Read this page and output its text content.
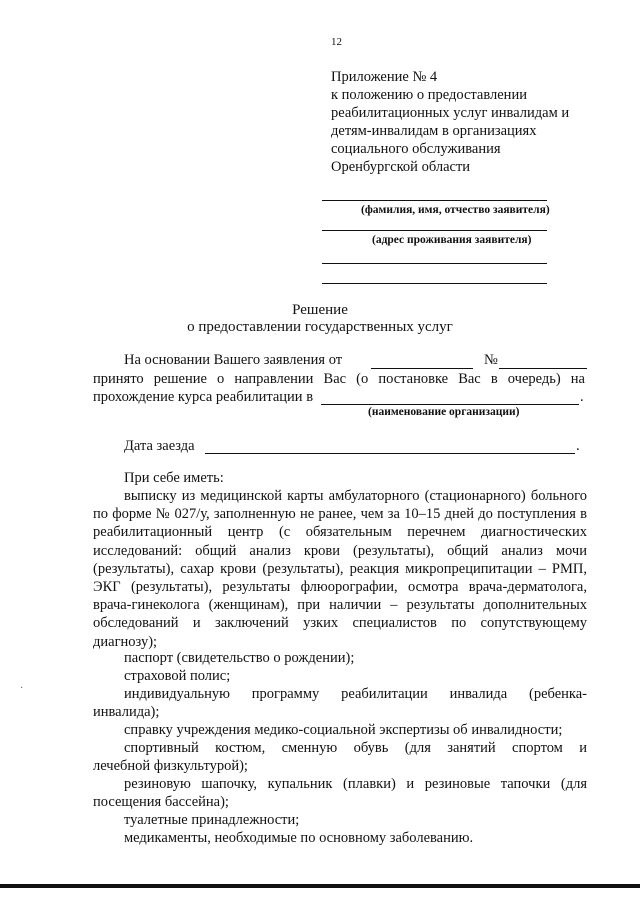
12
Приложение № 4
к положению о предоставлении
реабилитационных услуг инвалидам и
детям-инвалидам в организациях
социального обслуживания
Оренбургской области
(фамилия, имя, отчество заявителя)
(адрес проживания заявителя)
Решение
о предоставлении государственных услуг
На основании Вашего заявления от	№
принято решение о направлении Вас (о постановке Вас в очередь) на
прохождение курса реабилитации в	.
(наименование организации)
Дата заезда	.
При себе иметь:
выписку из медицинской карты амбулаторного (стационарного) больного по форме № 027/у, заполненную не ранее, чем за 10–15 дней до поступления в реабилитационный центр (с обязательным перечнем диагностических исследований: общий анализ крови (результаты), общий анализ мочи (результаты), сахар крови (результаты), реакция микропреципитации – РМП, ЭКГ (результаты), результаты флюорографии, осмотра врача-дерматолога, врача-гинеколога (женщинам), при наличии – результаты дополнительных обследований и заключений узких специалистов по сопутствующему диагнозу);
паспорт (свидетельство о рождении);
страховой полис;
индивидуальную программу реабилитации инвалида (ребенка-
инвалида);
справку учреждения медико-социальной экспертизы об инвалидности;
спортивный костюм, сменную обувь (для занятий спортом и
лечебной физкультурой);
резиновую шапочку, купальник (плавки) и резиновые тапочки (для
посещения бассейна);
туалетные принадлежности;
медикаменты, необходимые по основному заболеванию.
·
